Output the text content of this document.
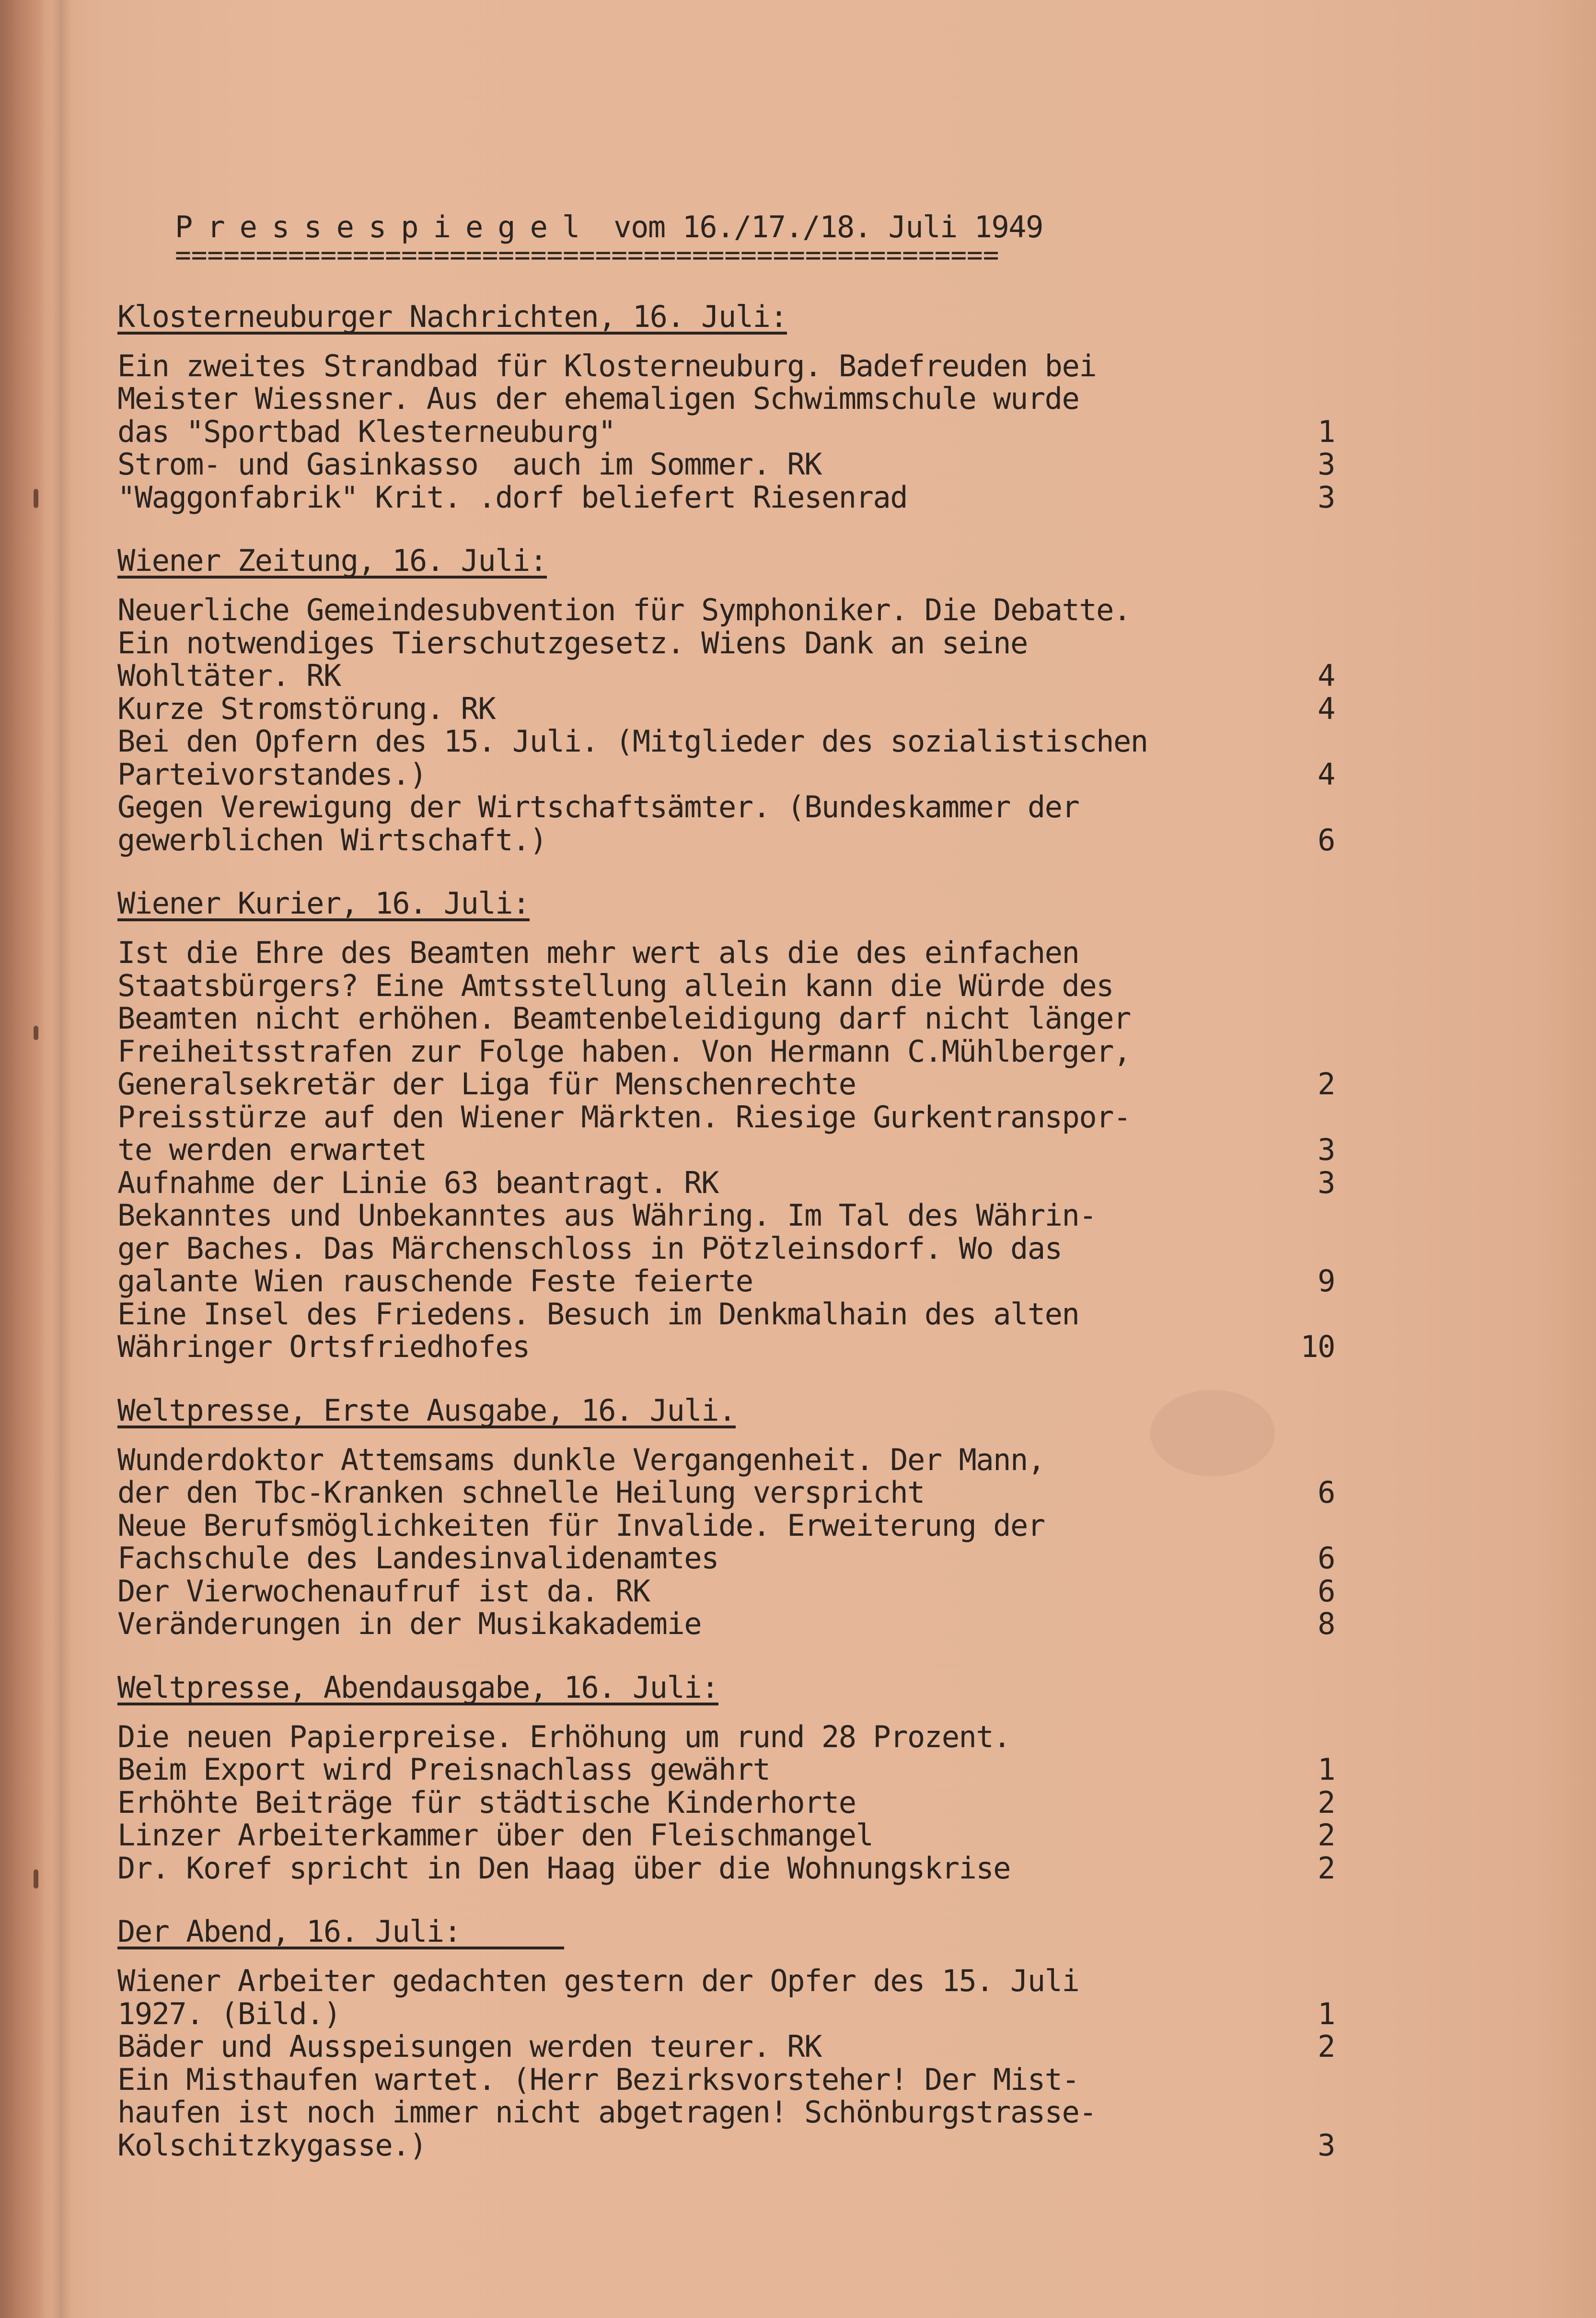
Pressespiegel vom 16./17./18. Juli 1949
===================================================
Klosterneuburger Nachrichten, 16. Juli:
Ein zweites Strandbad für Klosterneuburg. Badefreuden bei
Meister Wiessner. Aus der ehemaligen Schwimmschule wurde
das "Sportbad Klesterneuburg"	1
Strom- und Gasinkasso  auch im Sommer. RK	3
"Waggonfabrik" Krit. .dorf beliefert Riesenrad	3
Wiener Zeitung, 16. Juli:
Neuerliche Gemeindesubvention für Symphoniker. Die Debatte.
Ein notwendiges Tierschutzgesetz. Wiens Dank an seine
Wohltäter. RK	4
Kurze Stromstörung. RK	4
Bei den Opfern des 15. Juli. (Mitglieder des sozialistischen
Parteivorstandes.)	4
Gegen Verewigung der Wirtschaftsämter. (Bundeskammer der
gewerblichen Wirtschaft.)	6
Wiener Kurier, 16. Juli:
Ist die Ehre des Beamten mehr wert als die des einfachen
Staatsbürgers? Eine Amtsstellung allein kann die Würde des
Beamten nicht erhöhen. Beamtenbeleidigung darf nicht länger
Freiheitsstrafen zur Folge haben. Von Hermann C.Mühlberger,
Generalsekretär der Liga für Menschenrechte	2
Preisstürze auf den Wiener Märkten. Riesige Gurkentranspor-
te werden erwartet	3
Aufnahme der Linie 63 beantragt. RK	3
Bekanntes und Unbekanntes aus Währing. Im Tal des Währin-
ger Baches. Das Märchenschloss in Pötzleinsdorf. Wo das
galante Wien rauschende Feste feierte	9
Eine Insel des Friedens. Besuch im Denkmalhain des alten
Währinger Ortsfriedhofes	10
Weltpresse, Erste Ausgabe, 16. Juli.
Wunderdoktor Attemsams dunkle Vergangenheit. Der Mann,
der den Tbc-Kranken schnelle Heilung verspricht	6
Neue Berufsmöglichkeiten für Invalide. Erweiterung der
Fachschule des Landesinvalidenamtes	6
Der Vierwochenaufruf ist da. RK	6
Veränderungen in der Musikakademie	8
Weltpresse, Abendausgabe, 16. Juli:
Die neuen Papierpreise. Erhöhung um rund 28 Prozent.
Beim Export wird Preisnachlass gewährt	1
Erhöhte Beiträge für städtische Kinderhorte	2
Linzer Arbeiterkammer über den Fleischmangel	2
Dr. Koref spricht in Den Haag über die Wohnungskrise	2
Der Abend, 16. Juli:
Wiener Arbeiter gedachten gestern der Opfer des 15. Juli
1927. (Bild.)	1
Bäder und Ausspeisungen werden teurer. RK	2
Ein Misthaufen wartet. (Herr Bezirksvorsteher! Der Mist-
haufen ist noch immer nicht abgetragen! Schönburgstrasse-
Kolschitzkygasse.)	3
